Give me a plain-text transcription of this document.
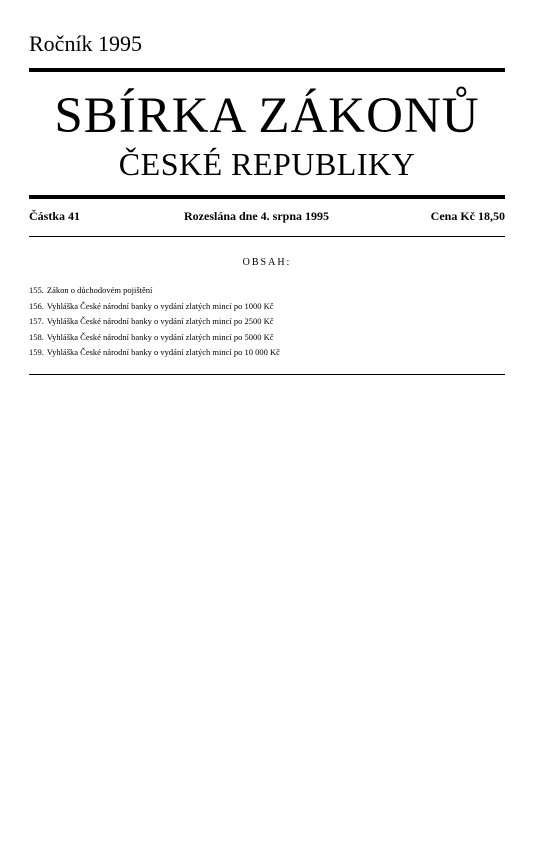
Ročník 1995
SBÍRKA ZÁKONŮ
ČESKÉ REPUBLIKY
Částka 41	Rozeslána dne 4. srpna 1995	Cena Kč 18,50
OBSAH:
155. Zákon o důchodovém pojištění
156. Vyhláška České národní banky o vydání zlatých mincí po 1000 Kč
157. Vyhláška České národní banky o vydání zlatých mincí po 2500 Kč
158. Vyhláška České národní banky o vydání zlatých mincí po 5000 Kč
159. Vyhláška České národní banky o vydání zlatých mincí po 10 000 Kč
